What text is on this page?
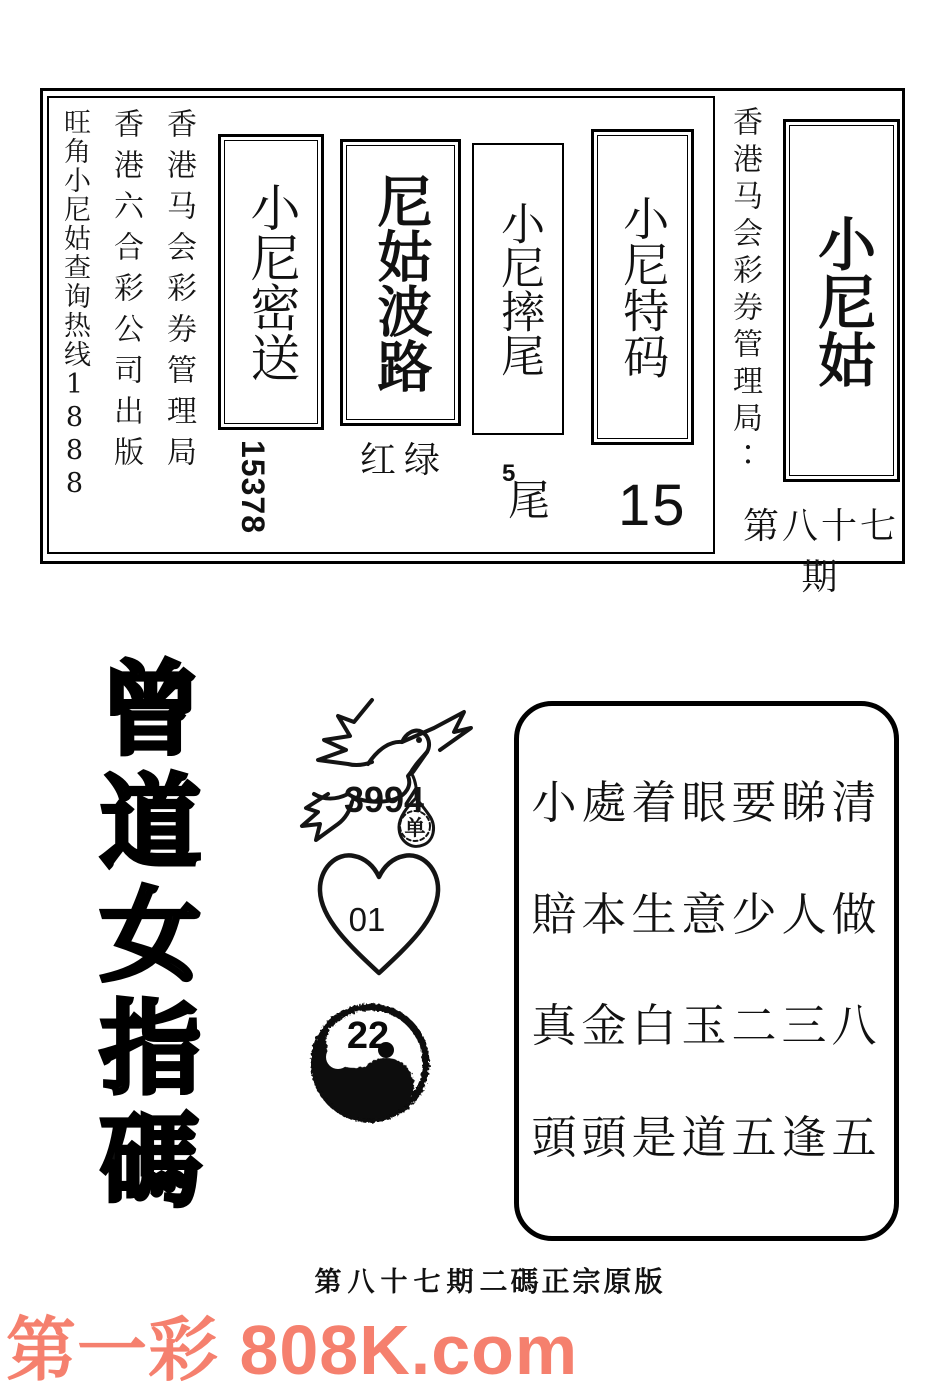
旺角小尼姑查询热线1888 香港六合彩公司出版 香港马会彩券管理局 小尼密送
15378
尼姑波路
红绿
小尼摔尾
5
尾
小尼特码
15
香港马会彩券管理局∶ 小尼姑
第八十七期
曾道女指碼	3994
单
01
22
小處着眼要睇清
賠本生意少人做
真金白玉二三八
頭頭是道五逢五
第八十七期二碼正宗原版
第一彩 808K.com
